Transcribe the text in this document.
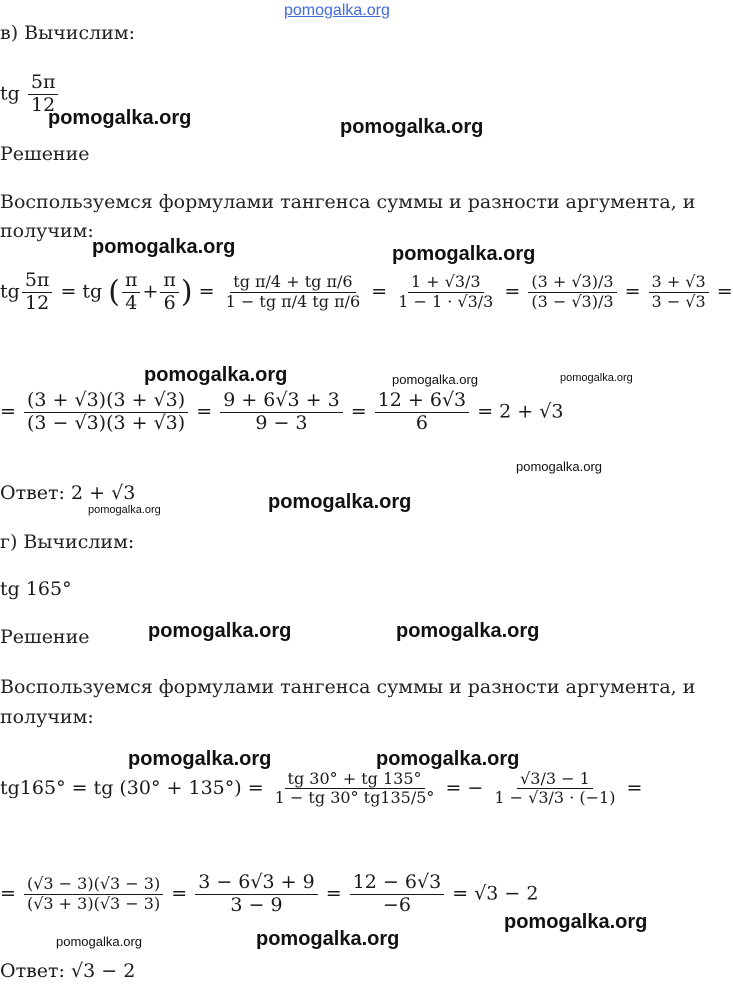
pomogalka.org
в) Вычислим:
tg $\frac{5\pi}{12}$
Решение
Воспользуемся формулами тангенса суммы и разности аргумента, и
получим:
tg $\frac{5\pi}{12}$ = tg ( $\frac{\pi}{4} + \frac{\pi}{6}$ ) = $\frac{\text{tg π/4 + tg π/6}}{\text{1 − tg π/4 tg π/6}} = \frac{1 + √3/3}{1 - 1 \cdot √3/3} = \frac{(3 + √3)/3}{(3 - √3)/3} = \frac{3 + √3}{3 - √3}$ =
= $\frac{(3 + √3)(3 + √3)}{(3 - √3)(3 + √3)} = \frac{9 + 6√3 + 3}{9 - 3} = \frac{12 + 6√3}{6} = 2 + √3$
Ответ: 2 + √3
г) Вычислим:
tg 165°
Решение
Воспользуемся формулами тангенса суммы и разности аргумента, и
получим:
tg165° = tg $(30^\circ + 135^\circ) = \frac{tg 30^\circ + tg 135^\circ}{1 - tg 30^\circ tg135/5^\circ}$ = − $\frac{√3/3 - 1}{1 - √3/3 \cdot (-1)}$ =
= $\frac{(√3 - 3)(√3 - 3)}{(√3 + 3)(√3 - 3)} = \frac{3 - 6√3 + 9}{3 - 9} = \frac{12 - 6√3}{-6} = √3 - 2$
Ответ: √3 − 2
pomogalka.org	pomogalka.org
pomogalka.org	pomogalka.org
pomogalka.org	pomogalka.org	pomogalka.org
pomogalka.org
pomogalka.org
pomogalka.org
pomogalka.org	pomogalka.org
pomogalka.org	pomogalka.org
pomogalka.org
pomogalka.org
pomogalka.org
